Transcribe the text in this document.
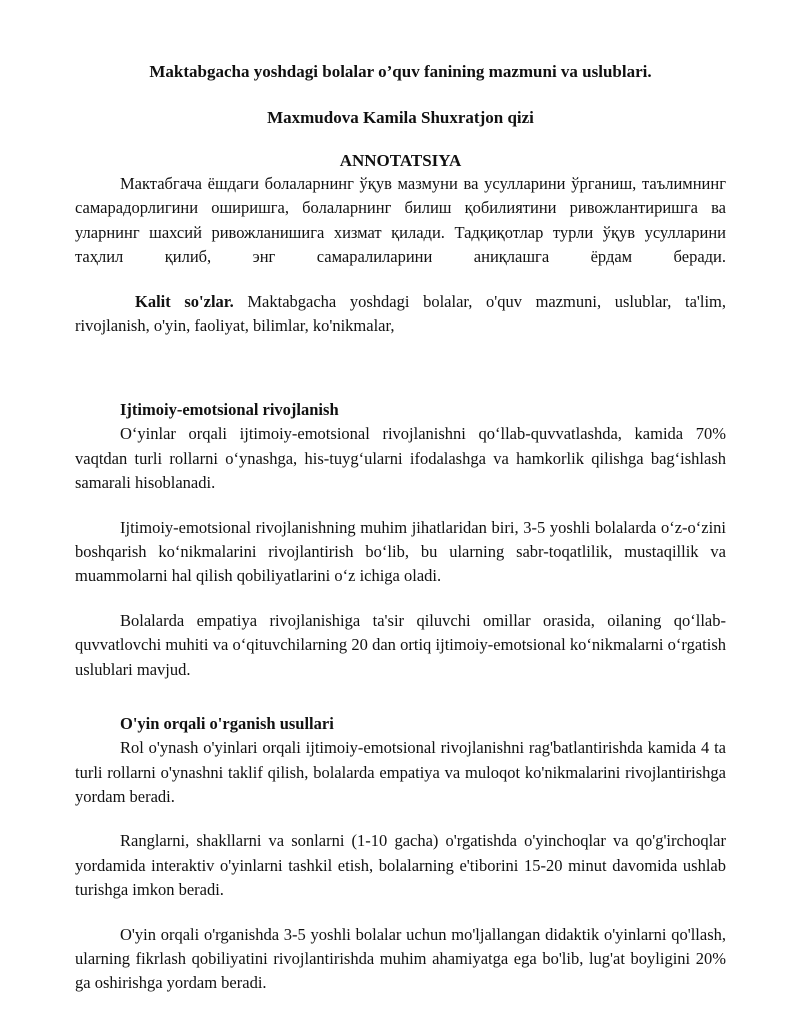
Maktabgacha yoshdagi bolalar o’quv fanining mazmuni va uslublari.
Maxmudova Kamila Shuxratjon qizi
ANNOTATSIYA

Мактабгача ёшдаги болаларнинг ўқув мазмуни ва усулларини ўрганиш, таълимнинг самарадорлигини оширишга, болаларнинг билиш қобилиятини ривожлантиришга ва уларнинг шахсий ривожланишига хизмат қилади. Тадқиқотлар турли ўқув усулларини таҳлил қилиб, энг самаралиларини аниқлашга ёрдам беради.

Kalit so'zlar. Maktabgacha yoshdagi bolalar, o'quv mazmuni, uslublar, ta'lim, rivojlanish, o'yin, faoliyat, bilimlar, ko'nikmalar,

Ijtimoiy-emotsional rivojlanish

O‘yinlar orqali ijtimoiy-emotsional rivojlanishni qo‘llab-quvvatlashda, kamida 70% vaqtdan turli rollarni o‘ynashga, his-tuyg‘ularni ifodalashga va hamkorlik qilishga bag‘ishlash samarali hisoblanadi.

Ijtimoiy-emotsional rivojlanishning muhim jihatlaridan biri, 3-5 yoshli bolalarda o‘z-o‘zini boshqarish ko‘nikmalarini rivojlantirish bo‘lib, bu ularning sabr-toqatlilik, mustaqillik va muammolarni hal qilish qobiliyatlarini o‘z ichiga oladi.

Bolalarda empatiya rivojlanishiga ta'sir qiluvchi omillar orasida, oilaning qo‘llab-quvvatlovchi muhiti va o‘qituvchilarning 20 dan ortiq ijtimoiy-emotsional ko‘nikmalarni o‘rgatish uslublari mavjud.

O'yin orqali o'rganish usullari

Rol o'ynash o'yinlari orqali ijtimoiy-emotsional rivojlanishni rag'batlantirishda kamida 4 ta turli rollarni o'ynashni taklif qilish, bolalarda empatiya va muloqot ko'nikmalarini rivojlantirishga yordam beradi.

Ranglarni, shakllarni va sonlarni (1-10 gacha) o'rgatishda o'yinchoqlar va qo'g'irchoqlar yordamida interaktiv o'yinlarni tashkil etish, bolalarning e'tiborini 15-20 minut davomida ushlab turishga imkon beradi.

O'yin orqali o'rganishda 3-5 yoshli bolalar uchun mo'ljallangan didaktik o'yinlarni qo'llash, ularning fikrlash qobiliyatini rivojlantirishda muhim ahamiyatga ega bo'lib, lug'at boyligini 20% ga oshirishga yordam beradi.
